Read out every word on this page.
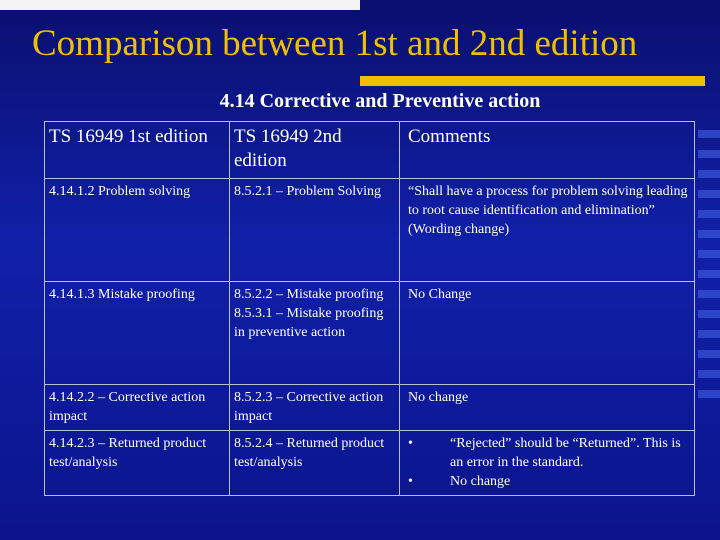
Comparison between 1st and 2nd edition
4.14 Corrective and Preventive action
TS 16949 1st edition	TS 16949 2nd edition	Comments
4.14.1.2 Problem solving	8.5.2.1 – Problem Solving	“Shall have a process for problem solving leading to root cause identification and elimination” (Wording change)
4.14.1.3 Mistake proofing	8.5.2.2 – Mistake proofing 8.5.3.1 – Mistake proofing in preventive action	No Change
4.14.2.2 – Corrective action impact	8.5.2.3 – Corrective action impact	No change
4.14.2.3 – Returned product test/analysis	8.5.2.4 – Returned product test/analysis	• “Rejected” should be “Returned”. This is an error in the standard.
• No change
